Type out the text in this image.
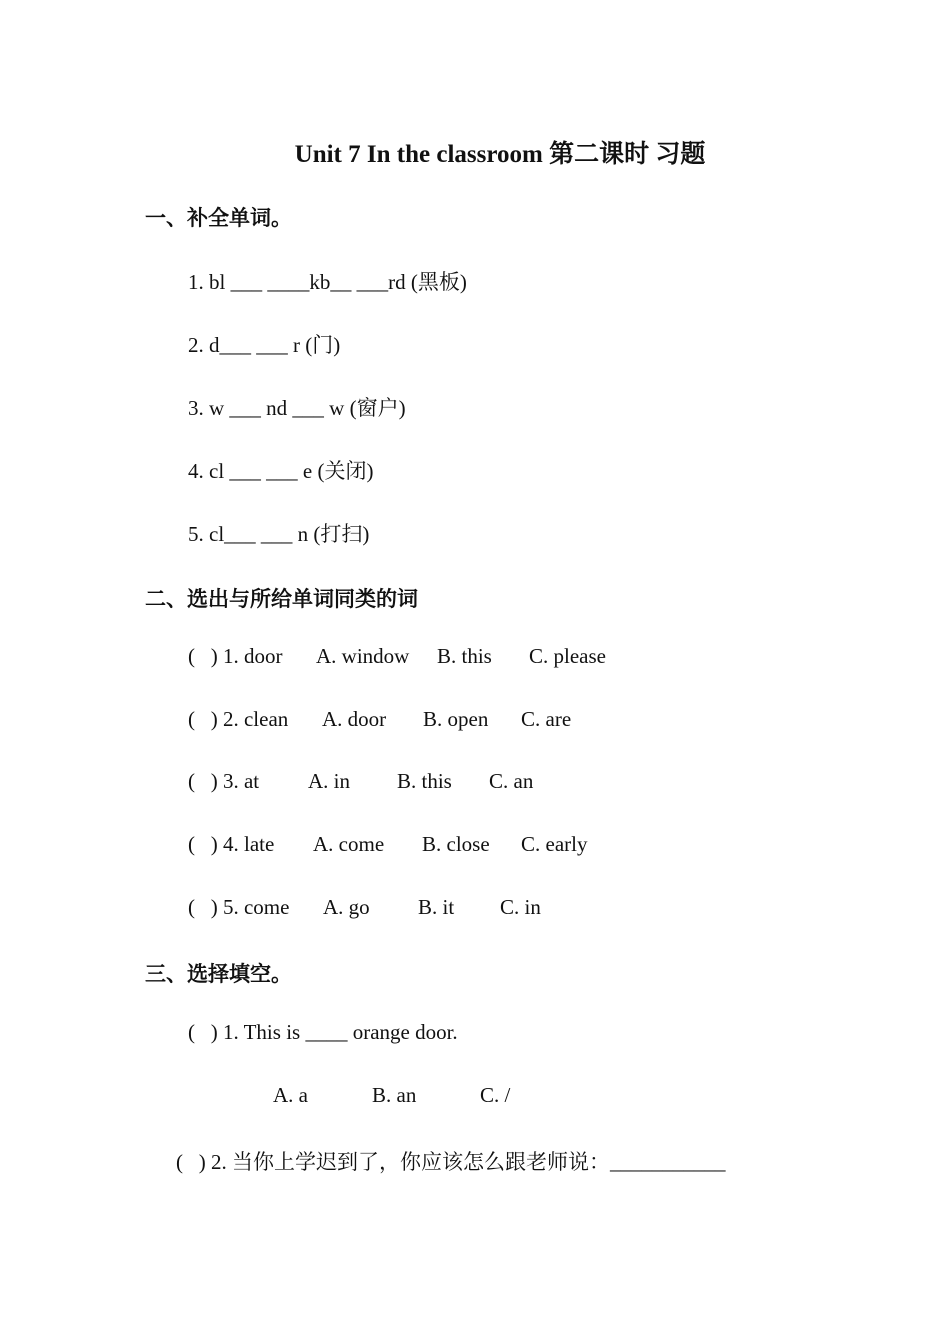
Unit 7 In the classroom 第二课时 习题
一、补全单词。
1. bl ___ ____kb__ ___rd (黑板)
2. d___ ___ r (门)
3. w ___ nd ___ w (窗户)
4. cl ___ ___ e (关闭)
5. cl___ ___ n (打扫)
二、选出与所给单词同类的词
(   ) 1. door A. window B. this C. please
(   ) 2. clean A. door B. open C. are
(   ) 3. at A. in B. this C. an
(   ) 4. late A. come B. close C. early
(   ) 5. come A. go B. it C. in
三、选择填空。
(   ) 1. This is ____ orange door.
A. a	B. an	C. /
(   ) 2. 当你上学迟到了，你应该怎么跟老师说：___________
